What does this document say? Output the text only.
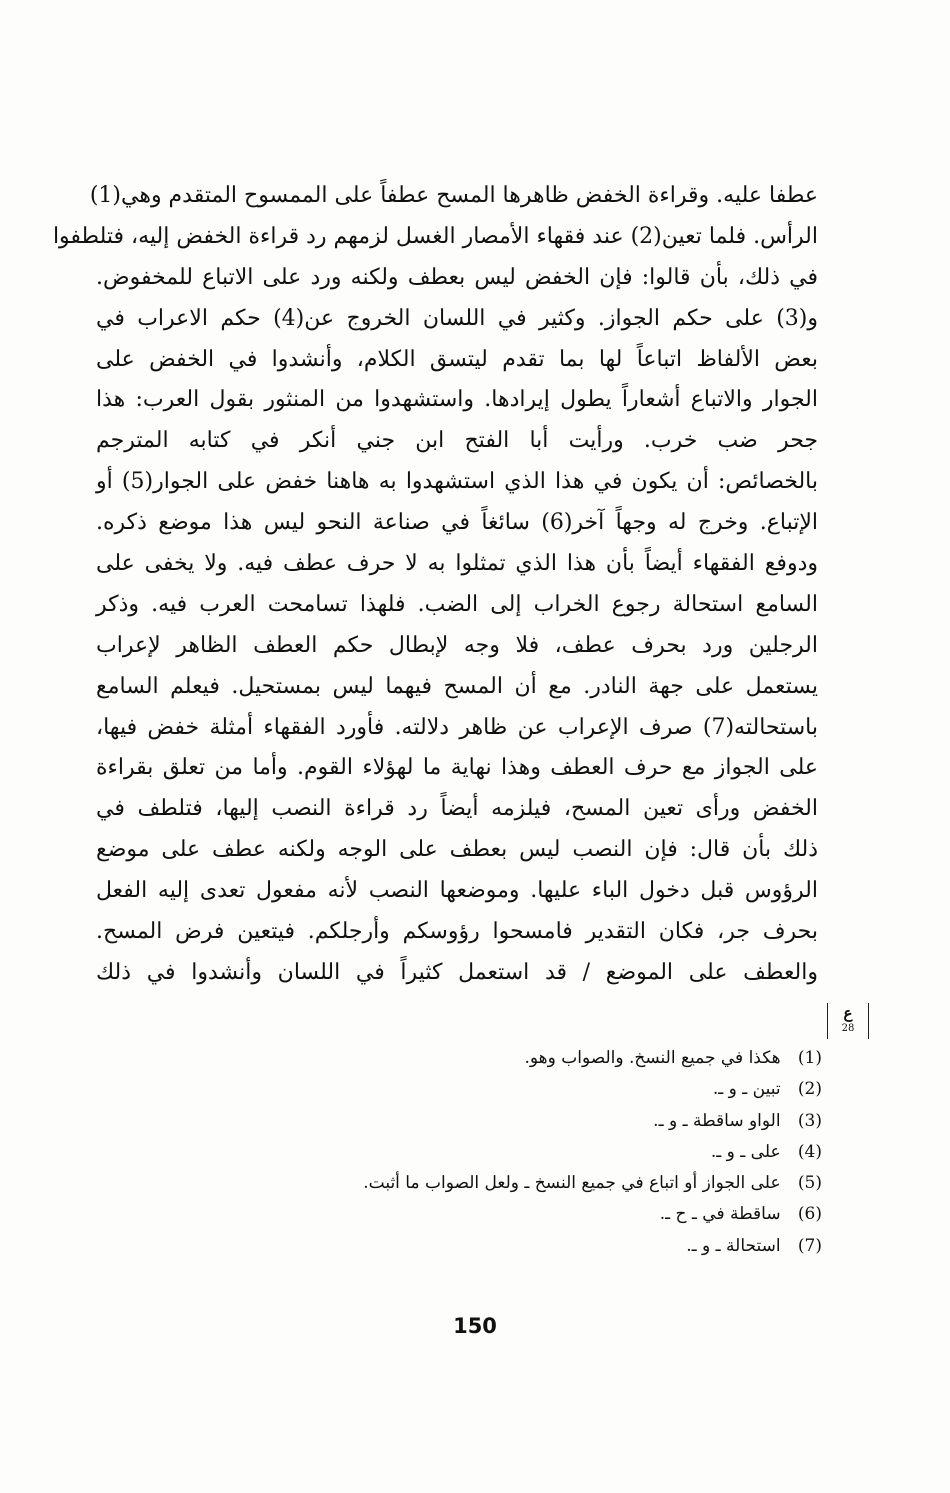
عطفا عليه. وقراءة الخفض ظاهرها المسح عطفاً على الممسوح المتقدم وهي(1)
الرأس. فلما تعين(2) عند فقهاء الأمصار الغسل لزمهم رد قراءة الخفض إليه، فتلطفوا
في ذلك، بأن قالوا: فإن الخفض ليس بعطف ولكنه ورد على الاتباع للمخفوض.
و(3) على حكم الجواز. وكثير في اللسان الخروج عن(4) حكم الاعراب في
بعض الألفاظ اتباعاً لها بما تقدم ليتسق الكلام، وأنشدوا في الخفض على
الجوار والاتباع أشعاراً يطول إيرادها. واستشهدوا من المنثور بقول العرب: هذا
جحر ضب خرب. ورأيت أبا الفتح ابن جني أنكر في كتابه المترجم
بالخصائص: أن يكون في هذا الذي استشهدوا به هاهنا خفض على الجوار(5) أو
الإتباع. وخرج له وجهاً آخر(6) سائغاً في صناعة النحو ليس هذا موضع ذكره.
ودوفع الفقهاء أيضاً بأن هذا الذي تمثلوا به لا حرف عطف فيه. ولا يخفى على
السامع استحالة رجوع الخراب إلى الضب. فلهذا تسامحت العرب فيه. وذكر
الرجلين ورد بحرف عطف، فلا وجه لإبطال حكم العطف الظاهر لإعراب
يستعمل على جهة النادر. مع أن المسح فيهما ليس بمستحيل. فيعلم السامع
باستحالته(7) صرف الإعراب عن ظاهر دلالته. فأورد الفقهاء أمثلة خفض فيها،
على الجواز مع حرف العطف وهذا نهاية ما لهؤلاء القوم. وأما من تعلق بقراءة
الخفض ورأى تعين المسح، فيلزمه أيضاً رد قراءة النصب إليها، فتلطف في
ذلك بأن قال: فإن النصب ليس بعطف على الوجه ولكنه عطف على موضع
الرؤوس قبل دخول الباء عليها. وموضعها النصب لأنه مفعول تعدى إليه الفعل
بحرف جر، فكان التقدير فامسحوا رؤوسكم وأرجلكم. فيتعين فرض المسح.
والعطف على الموضع / قد استعمل كثيراً في اللسان وأنشدوا في ذلك
ع
28
(1) هكذا في جميع النسخ. والصواب وهو.
(2) تبين ـ و ـ.
(3) الواو ساقطة ـ و ـ.
(4) على ـ و ـ.
(5) على الجواز أو اتباع في جميع النسخ ـ ولعل الصواب ما أثبت.
(6) ساقطة في ـ ح ـ.
(7) استحالة ـ و ـ.
150
